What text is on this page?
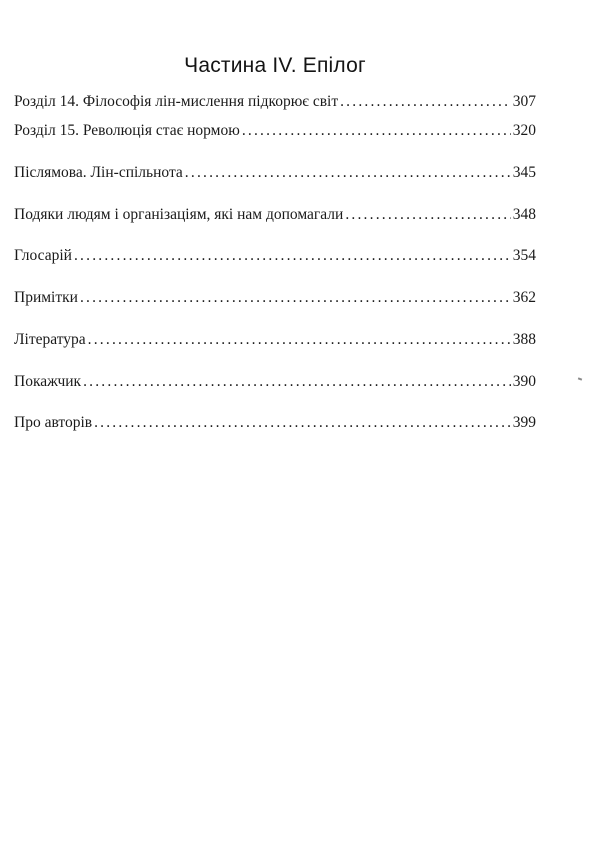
Частина IV. Епілог
Розділ 14. Філософія лін-мислення підкорює світ .....	307
Розділ 15. Революція стає нормою .....	320
Післямова. Лін-спільнота .....	345
Подяки людям і організаціям, які нам допомагали .....	348
Глосарій .....	354
Примітки .....	362
Література .....	388
Покажчик .....	390
Про авторів .....	399
